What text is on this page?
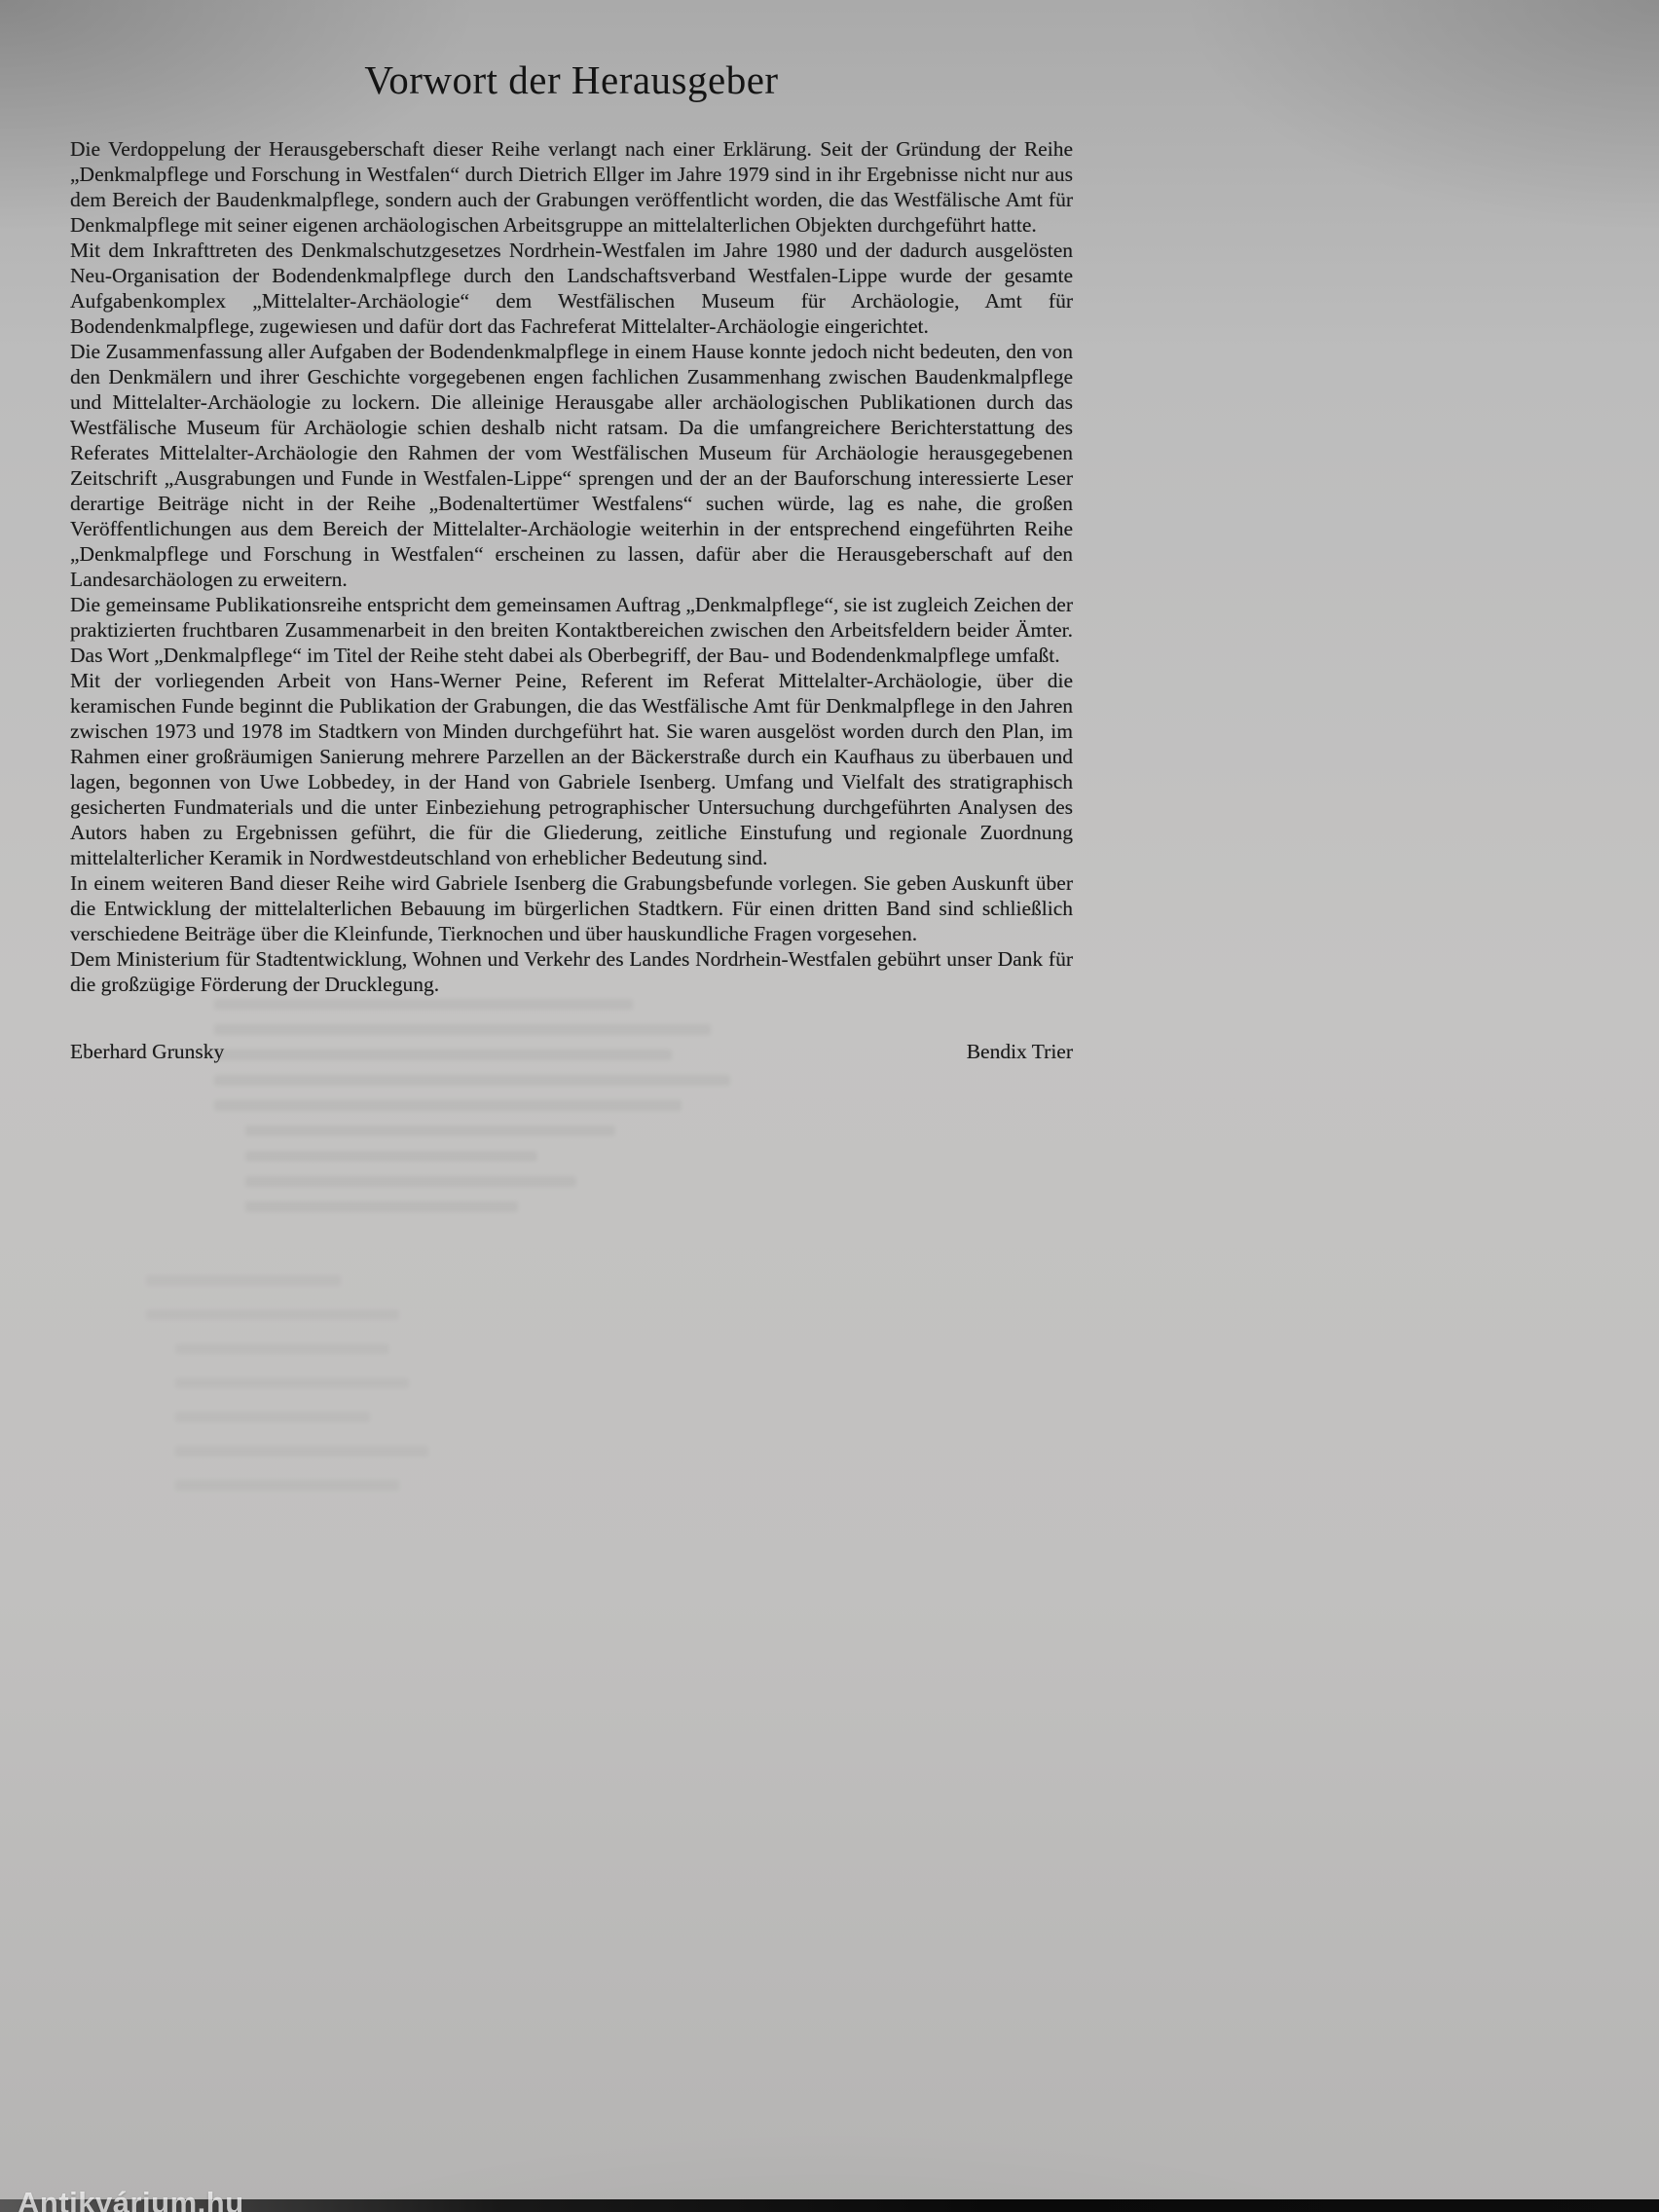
Vorwort der Herausgeber

Die Verdoppelung der Herausgeberschaft dieser Reihe verlangt nach einer Erklärung. Seit der Gründung der Reihe „Denkmalpflege und Forschung in Westfalen“ durch Dietrich Ellger im Jahre 1979 sind in ihr Ergebnisse nicht nur aus dem Bereich der Baudenkmalpflege, sondern auch der Grabungen veröffentlicht worden, die das Westfälische Amt für Denkmalpflege mit seiner eigenen archäologischen Arbeitsgruppe an mittelalterlichen Objekten durchgeführt hatte.

Mit dem Inkrafttreten des Denkmalschutzgesetzes Nordrhein-Westfalen im Jahre 1980 und der dadurch ausgelösten Neu-Organisation der Bodendenkmalpflege durch den Landschaftsverband Westfalen-Lippe wurde der gesamte Aufgabenkomplex „Mittelalter-Archäologie“ dem Westfälischen Museum für Archäologie, Amt für Bodendenkmalpflege, zugewiesen und dafür dort das Fachreferat Mittelalter-Archäologie eingerichtet.

Die Zusammenfassung aller Aufgaben der Bodendenkmalpflege in einem Hause konnte jedoch nicht bedeuten, den von den Denkmälern und ihrer Geschichte vorgegebenen engen fachlichen Zusammenhang zwischen Baudenkmalpflege und Mittelalter-Archäologie zu lockern. Die alleinige Herausgabe aller archäologischen Publikationen durch das Westfälische Museum für Archäologie schien deshalb nicht ratsam. Da die umfangreichere Berichterstattung des Referates Mittelalter-Archäologie den Rahmen der vom Westfälischen Museum für Archäologie herausgegebenen Zeitschrift „Ausgrabungen und Funde in Westfalen-Lippe“ sprengen und der an der Bauforschung interessierte Leser derartige Beiträge nicht in der Reihe „Bodenaltertümer Westfalens“ suchen würde, lag es nahe, die großen Veröffentlichungen aus dem Bereich der Mittelalter-Archäologie weiterhin in der entsprechend eingeführten Reihe „Denkmalpflege und Forschung in Westfalen“ erscheinen zu lassen, dafür aber die Herausgeberschaft auf den Landesarchäologen zu erweitern.

Die gemeinsame Publikationsreihe entspricht dem gemeinsamen Auftrag „Denkmalpflege“, sie ist zugleich Zeichen der praktizierten fruchtbaren Zusammenarbeit in den breiten Kontaktbereichen zwischen den Arbeitsfeldern beider Ämter. Das Wort „Denkmalpflege“ im Titel der Reihe steht dabei als Oberbegriff, der Bau- und Bodendenkmalpflege umfaßt.

Mit der vorliegenden Arbeit von Hans-Werner Peine, Referent im Referat Mittelalter-Archäologie, über die keramischen Funde beginnt die Publikation der Grabungen, die das Westfälische Amt für Denkmalpflege in den Jahren zwischen 1973 und 1978 im Stadtkern von Minden durchgeführt hat. Sie waren ausgelöst worden durch den Plan, im Rahmen einer großräumigen Sanierung mehrere Parzellen an der Bäckerstraße durch ein Kaufhaus zu überbauen und lagen, begonnen von Uwe Lobbedey, in der Hand von Gabriele Isenberg. Umfang und Vielfalt des stratigraphisch gesicherten Fundmaterials und die unter Einbeziehung petrographischer Untersuchung durchgeführten Analysen des Autors haben zu Ergebnissen geführt, die für die Gliederung, zeitliche Einstufung und regionale Zuordnung mittelalterlicher Keramik in Nordwestdeutschland von erheblicher Bedeutung sind.

In einem weiteren Band dieser Reihe wird Gabriele Isenberg die Grabungsbefunde vorlegen. Sie geben Auskunft über die Entwicklung der mittelalterlichen Bebauung im bürgerlichen Stadtkern. Für einen dritten Band sind schließlich verschiedene Beiträge über die Kleinfunde, Tierknochen und über hauskundliche Fragen vorgesehen.

Dem Ministerium für Stadtentwicklung, Wohnen und Verkehr des Landes Nordrhein-Westfalen gebührt unser Dank für die großzügige Förderung der Drucklegung.

Eberhard Grunsky	Bendix Trier
Antikvárium.hu
